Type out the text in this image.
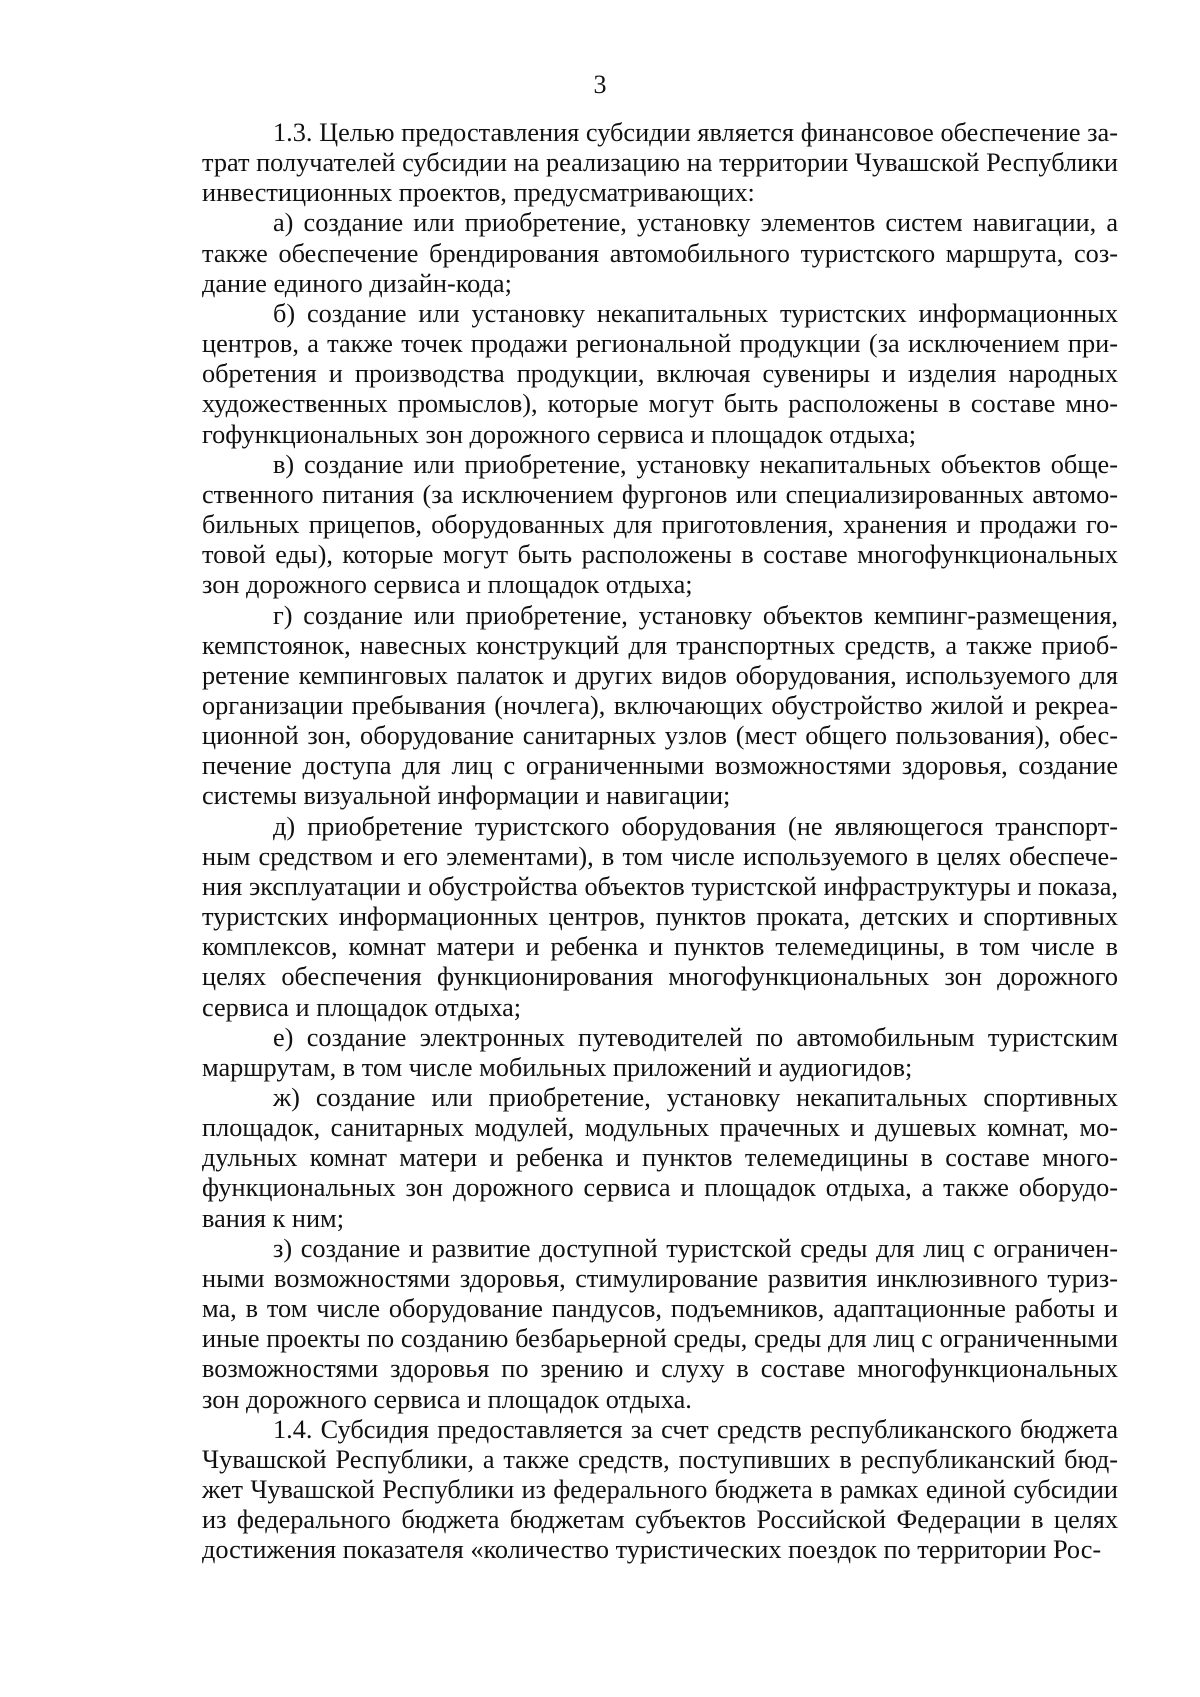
3

1.3. Целью предоставления субсидии является финансовое обеспечение затрат получателей субсидии на реализацию на территории Чувашской Республики инвестиционных проектов, предусматривающих:

а) создание или приобретение, установку элементов систем навигации, а также обеспечение брендирования автомобильного туристского маршрута, создание единого дизайн-кода;

б) создание или установку некапитальных туристских информационных центров, а также точек продажи региональной продукции (за исключением приобретения и производства продукции, включая сувениры и изделия народных художественных промыслов), которые могут быть расположены в составе многофункциональных зон дорожного сервиса и площадок отдыха;

в) создание или приобретение, установку некапитальных объектов общественного питания (за исключением фургонов или специализированных автомобильных прицепов, оборудованных для приготовления, хранения и продажи готовой еды), которые могут быть расположены в составе многофункциональных зон дорожного сервиса и площадок отдыха;

г) создание или приобретение, установку объектов кемпинг-размещения, кемпстоянок, навесных конструкций для транспортных средств, а также приобретение кемпинговых палаток и других видов оборудования, используемого для организации пребывания (ночлега), включающих обустройство жилой и рекреационной зон, оборудование санитарных узлов (мест общего пользования), обеспечение доступа для лиц с ограниченными возможностями здоровья, создание системы визуальной информации и навигации;

д) приобретение туристского оборудования (не являющегося транспортным средством и его элементами), в том числе используемого в целях обеспечения эксплуатации и обустройства объектов туристской инфраструктуры и показа, туристских информационных центров, пунктов проката, детских и спортивных комплексов, комнат матери и ребенка и пунктов телемедицины, в том числе в целях обеспечения функционирования многофункциональных зон дорожного сервиса и площадок отдыха;

е) создание электронных путеводителей по автомобильным туристским маршрутам, в том числе мобильных приложений и аудиогидов;

ж) создание или приобретение, установку некапитальных спортивных площадок, санитарных модулей, модульных прачечных и душевых комнат, модульных комнат матери и ребенка и пунктов телемедицины в составе многофункциональных зон дорожного сервиса и площадок отдыха, а также оборудования к ним;

з) создание и развитие доступной туристской среды для лиц с ограниченными возможностями здоровья, стимулирование развития инклюзивного туризма, в том числе оборудование пандусов, подъемников, адаптационные работы и иные проекты по созданию безбарьерной среды, среды для лиц с ограниченными возможностями здоровья по зрению и слуху в составе многофункциональных зон дорожного сервиса и площадок отдыха.

1.4. Субсидия предоставляется за счет средств республиканского бюджета Чувашской Республики, а также средств, поступивших в республиканский бюджет Чувашской Республики из федерального бюджета в рамках единой субсидии из федерального бюджета бюджетам субъектов Российской Федерации в целях достижения показателя «количество туристических поездок по территории Рос-
